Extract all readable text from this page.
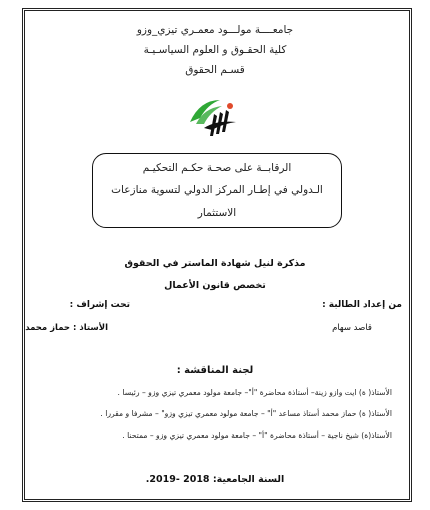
جامعــــة مولـــود معمـري تيزي_وزو
كلية الحقـوق و العلوم السياسـيـة
قسـم الحقوق
الرقابــة على صحـة حكـم التحكيـم
الـدولي في إطـار المركز الدولي لتسوية منازعات
الاستثمار
مذكرة لنيل شهادة الماستر في الحقوق
تخصص قانون الأعمال
من إعداد الطالبة :
تحت إشراف :
قاصد سهام
الأستاذ : حماز محمد
لجنة المناقشة :
الأستاذ( ة) ايت وازو زينة– أستاذة محاضرة "أ"– جامعة مولود معمري تيزي وزو – رئيسا .
الأستاذ( ة) حماز محمد أستاذ مساعد "أ" – جامعة مولود معمري تيزي وزو" – مشرفا و مقررا .
الأستاذ(ة) شيخ ناجية – أستاذة محاضرة "أ" – جامعة مولود معمري تيزي وزو – ممتحنا .
السنة الجامعية: 2018 -2019.
